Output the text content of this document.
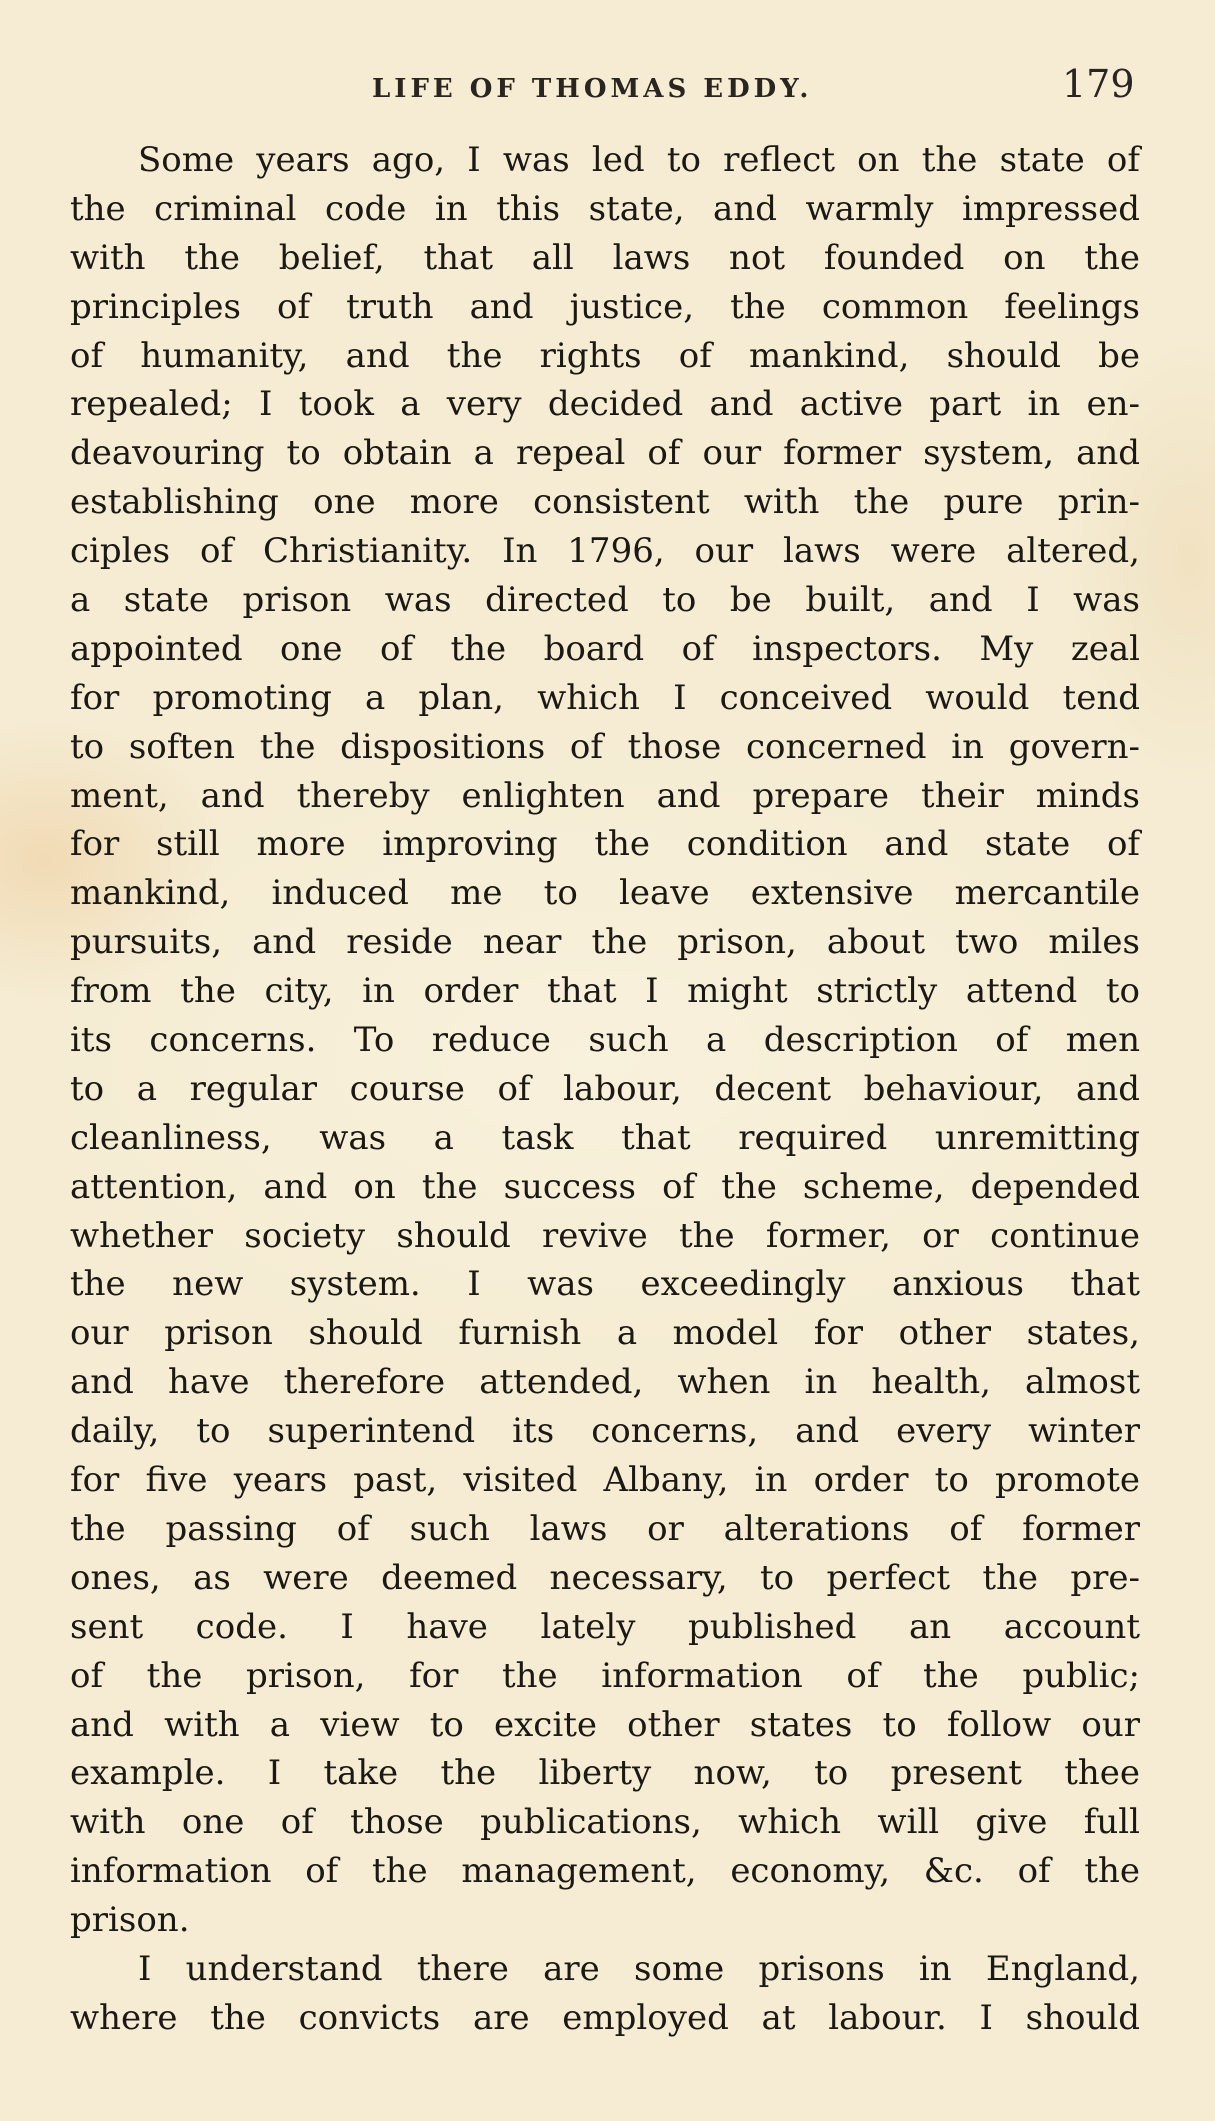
LIFE OF THOMAS EDDY.	179
Some years ago, I was led to reflect on the state of
the criminal code in this state, and warmly impressed
with the belief, that all laws not founded on the
principles of truth and justice, the common feelings
of humanity, and the rights of mankind, should be
repealed; I took a very decided and active part in en-
deavouring to obtain a repeal of our former system, and
establishing one more consistent with the pure prin-
ciples of Christianity. In 1796, our laws were altered,
a state prison was directed to be built, and I was
appointed one of the board of inspectors. My zeal
for promoting a plan, which I conceived would tend
to soften the dispositions of those concerned in govern-
ment, and thereby enlighten and prepare their minds
for still more improving the condition and state of
mankind, induced me to leave extensive mercantile
pursuits, and reside near the prison, about two miles
from the city, in order that I might strictly attend to
its concerns. To reduce such a description of men
to a regular course of labour, decent behaviour, and
cleanliness, was a task that required unremitting
attention, and on the success of the scheme, depended
whether society should revive the former, or continue
the new system. I was exceedingly anxious that
our prison should furnish a model for other states,
and have therefore attended, when in health, almost
daily, to superintend its concerns, and every winter
for five years past, visited Albany, in order to promote
the passing of such laws or alterations of former
ones, as were deemed necessary, to perfect the pre-
sent code. I have lately published an account
of the prison, for the information of the public;
and with a view to excite other states to follow our
example. I take the liberty now, to present thee
with one of those publications, which will give full
information of the management, economy, &c. of the
prison.
I understand there are some prisons in England,
where the convicts are employed at labour. I should
